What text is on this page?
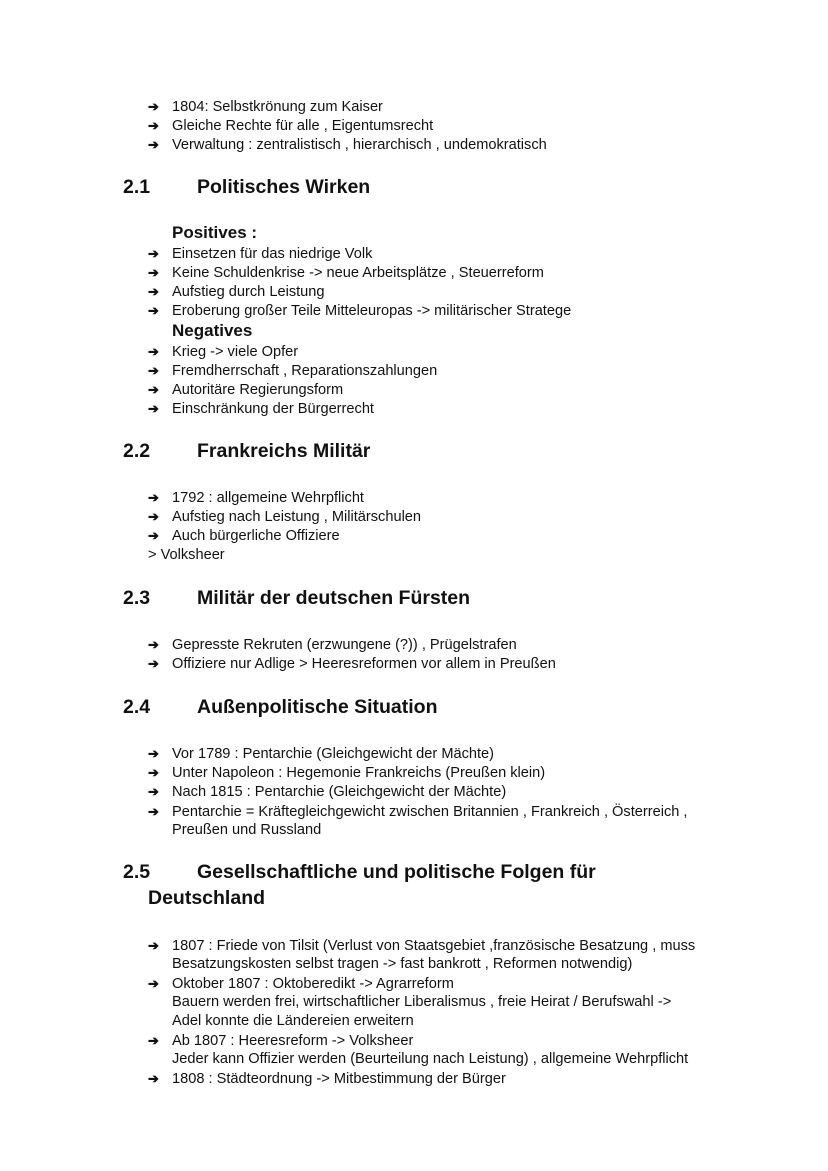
➔ 1804: Selbstkrönung zum Kaiser
➔ Gleiche Rechte für alle , Eigentumsrecht
➔ Verwaltung : zentralistisch , hierarchisch , undemokratisch
2.1 Politisches Wirken
Positives :
➔ Einsetzen für das niedrige Volk
➔ Keine Schuldenkrise -> neue Arbeitsplätze , Steuerreform
➔ Aufstieg durch Leistung
➔ Eroberung großer Teile Mitteleuropas -> militärischer Stratege
Negatives
➔ Krieg -> viele Opfer
➔ Fremdherrschaft , Reparationszahlungen
➔ Autoritäre Regierungsform
➔ Einschränkung der Bürgerrecht
2.2 Frankreichs Militär
➔ 1792 : allgemeine Wehrpflicht
➔ Aufstieg nach Leistung , Militärschulen
➔ Auch bürgerliche Offiziere
> Volksheer
2.3 Militär der deutschen Fürsten
➔ Gepresste Rekruten (erzwungene (?)) , Prügelstrafen
➔ Offiziere nur Adlige > Heeresreformen vor allem in Preußen
2.4 Außenpolitische Situation
➔ Vor 1789 : Pentarchie (Gleichgewicht der Mächte)
➔ Unter Napoleon : Hegemonie Frankreichs (Preußen klein)
➔ Nach 1815 : Pentarchie (Gleichgewicht der Mächte)
➔ Pentarchie = Kräftegleichgewicht zwischen Britannien , Frankreich , Österreich ,
Preußen und Russland
2.5 Gesellschaftliche und politische Folgen für
Deutschland
➔ 1807 : Friede von Tilsit (Verlust von Staatsgebiet ,französische Besatzung , muss
Besatzungskosten selbst tragen -> fast bankrott , Reformen notwendig)
➔ Oktober 1807 : Oktoberedikt -> Agrarreform
Bauern werden frei, wirtschaftlicher Liberalismus , freie Heirat / Berufswahl ->
Adel konnte die Ländereien erweitern
➔ Ab 1807 : Heeresreform -> Volksheer
Jeder kann Offizier werden (Beurteilung nach Leistung) , allgemeine Wehrpflicht
➔ 1808 : Städteordnung -> Mitbestimmung der Bürger
